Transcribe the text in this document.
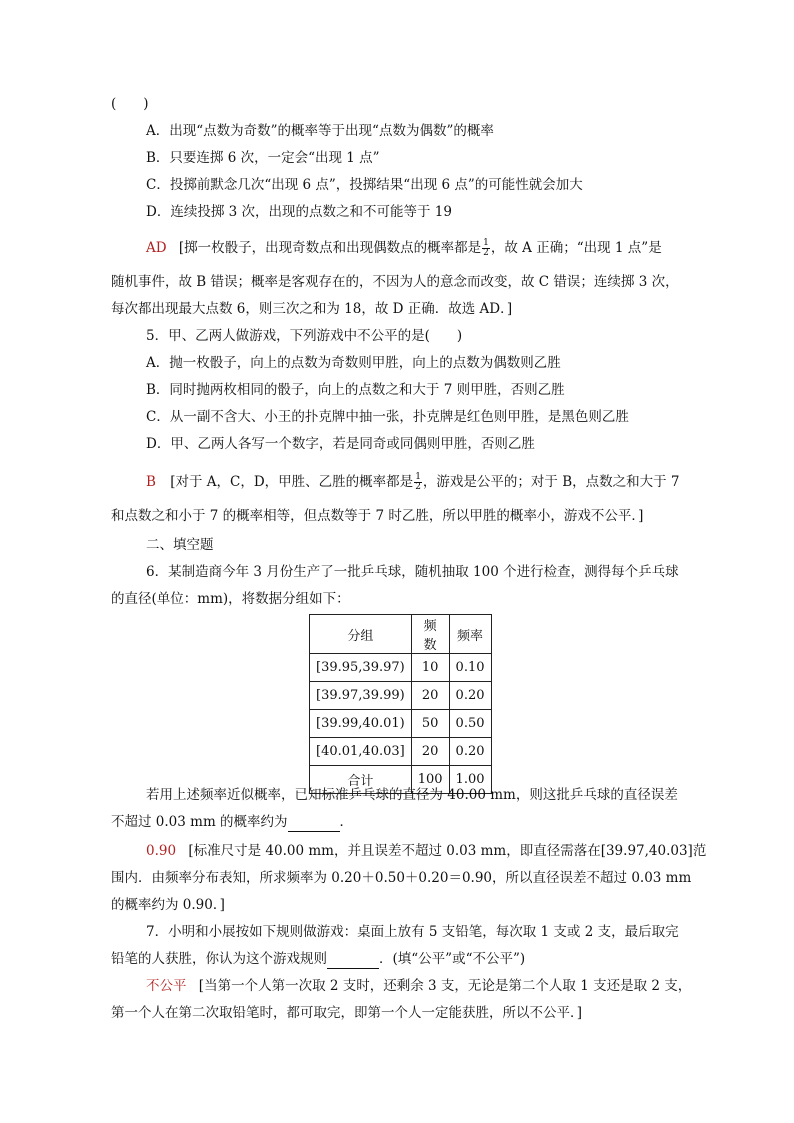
(　　)
A．出现“点数为奇数”的概率等于出现“点数为偶数”的概率
B．只要连掷 6 次，一定会“出现 1 点”
C．投掷前默念几次“出现 6 点”，投掷结果“出现 6 点”的可能性就会加大
D．连续投掷 3 次，出现的点数之和不可能等于 19
AD [掷一枚骰子，出现奇数点和出现偶数点的概率都是 $\frac{1}{2}$ ，故 A 正确；“出现 1 点”是
随机事件，故 B 错误；概率是客观存在的，不因为人的意念而改变，故 C 错误；连续掷 3 次，
每次都出现最大点数 6，则三次之和为 18，故 D 正确．故选 AD．]
5．甲、乙两人做游戏，下列游戏中不公平的是(　　)
A．抛一枚骰子，向上的点数为奇数则甲胜，向上的点数为偶数则乙胜
B．同时抛两枚相同的骰子，向上的点数之和大于 7 则甲胜，否则乙胜
C．从一副不含大、小王的扑克牌中抽一张，扑克牌是红色则甲胜，是黑色则乙胜
D．甲、乙两人各写一个数字，若是同奇或同偶则甲胜，否则乙胜
B [对于 A，C，D，甲胜、乙胜的概率都是 $\frac{1}{2}$ ，游戏是公平的；对于 B，点数之和大于 7
和点数之和小于 7 的概率相等，但点数等于 7 时乙胜，所以甲胜的概率小，游戏不公平．]
二、填空题
6．某制造商今年 3 月份生产了一批乒乓球，随机抽取 100 个进行检查，测得每个乒乓球
的直径(单位：mm)，将数据分组如下：
分组	频数	频率
[39.95,39.97)	10	0.10
[39.97,39.99)	20	0.20
[39.99,40.01)	50	0.50
[40.01,40.03]	20	0.20
合计	100	1.00
若用上述频率近似概率，已知标准乒乓球的直径为 40.00 mm，则这批乒乓球的直径误差
不超过 0.03 mm 的概率约为	．
0.90 [标准尺寸是 40.00 mm，并且误差不超过 0.03 mm，即直径需落在[39.97,40.03]范
围内．由频率分布表知，所求频率为 0.20＋0.50＋0.20＝0.90，所以直径误差不超过 0.03 mm
的概率约为 0.90．]
7．小明和小展按如下规则做游戏：桌面上放有 5 支铅笔，每次取 1 支或 2 支，最后取完
铅笔的人获胜，你认为这个游戏规则	．(填“公平”或“不公平”)
不公平 [当第一个人第一次取 2 支时，还剩余 3 支，无论是第二个人取 1 支还是取 2 支，
第一个人在第二次取铅笔时，都可取完，即第一个人一定能获胜，所以不公平．]
